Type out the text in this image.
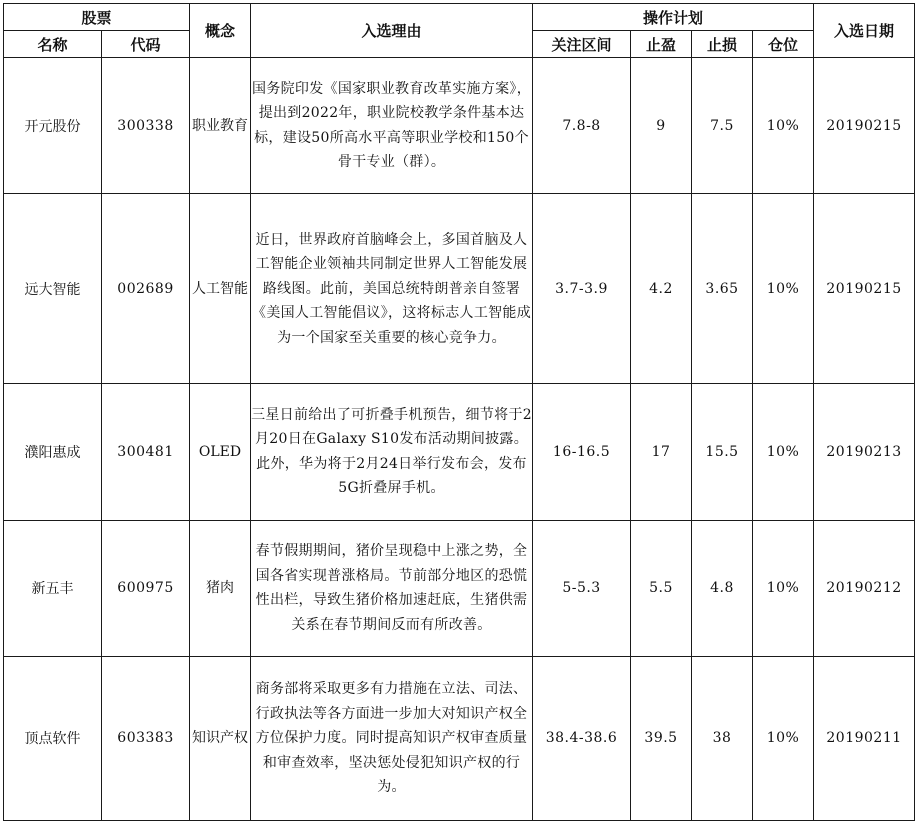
股票		概念	入选理由	操作计划				入选日期
名称	代码			关注区间	止盈	止损	仓位	
开元股份	300338	职业教育	国务院印发《国家职业教育改革实施方案》，提出到2022年，职业院校教学条件基本达标，建设50所高水平高等职业学校和150个骨干专业（群）。	7.8-8	9	7.5	10%	20190215
远大智能	002689	人工智能	近日，世界政府首脑峰会上，多国首脑及人工智能企业领袖共同制定世界人工智能发展路线图。此前，美国总统特朗普亲自签署《美国人工智能倡议》，这将标志人工智能成为一个国家至关重要的核心竞争力。	3.7-3.9	4.2	3.65	10%	20190215
濮阳惠成	300481	OLED	三星日前给出了可折叠手机预告，细节将于2月20日在Galaxy S10发布活动期间披露。此外，华为将于2月24日举行发布会，发布5G折叠屏手机。	16-16.5	17	15.5	10%	20190213
新五丰	600975	猪肉	春节假期期间，猪价呈现稳中上涨之势，全国各省实现普涨格局。节前部分地区的恐慌性出栏，导致生猪价格加速赶底，生猪供需关系在春节期间反而有所改善。	5-5.3	5.5	4.8	10%	20190212
顶点软件	603383	知识产权	商务部将采取更多有力措施在立法、司法、行政执法等各方面进一步加大对知识产权全方位保护力度。同时提高知识产权审查质量和审查效率，坚决惩处侵犯知识产权的行为。	38.4-38.6	39.5	38	10%	20190211
